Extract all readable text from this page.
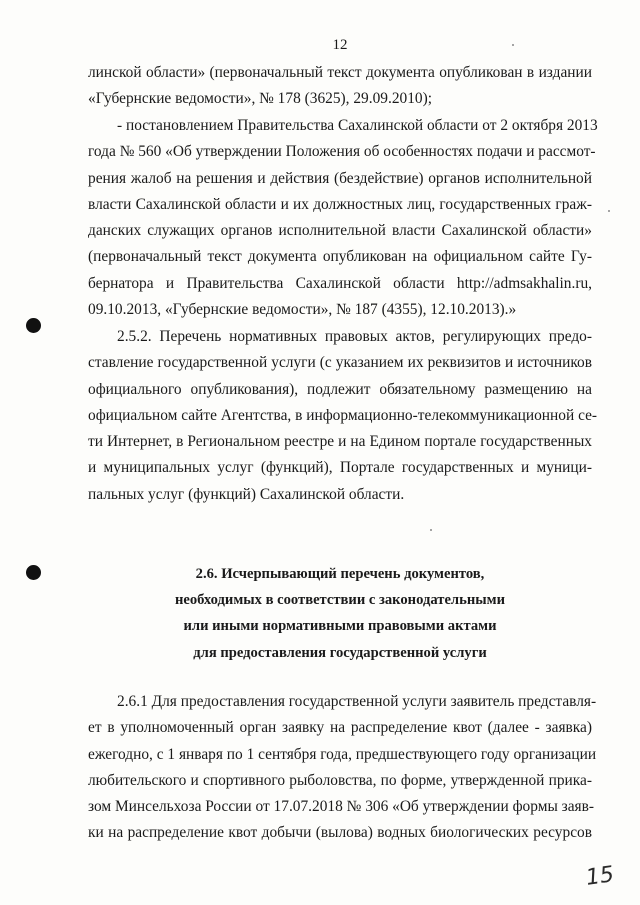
12
линской области» (первоначальный текст документа опубликован в издании
«Губернские ведомости», № 178 (3625), 29.09.2010);
- постановлением Правительства Сахалинской области от 2 октября 2013
года № 560 «Об утверждении Положения об особенностях подачи и рассмот-
рения жалоб на решения и действия (бездействие) органов исполнительной
власти Сахалинской области и их должностных лиц, государственных граж-
данских служащих органов исполнительной власти Сахалинской области»
(первоначальный текст документа опубликован на официальном сайте Гу-
бернатора и Правительства Сахалинской области http://admsakhalin.ru,
09.10.2013, «Губернские ведомости», № 187 (4355), 12.10.2013).»
2.5.2. Перечень нормативных правовых актов, регулирующих предо-
ставление государственной услуги (с указанием их реквизитов и источников
официального опубликования), подлежит обязательному размещению на
официальном сайте Агентства, в информационно-телекоммуникационной се-
ти Интернет, в Региональном реестре и на Едином портале государственных
и муниципальных услуг (функций), Портале государственных и муници-
пальных услуг (функций) Сахалинской области.
2.6. Исчерпывающий перечень документов,
необходимых в соответствии с законодательными
или иными нормативными правовыми актами
для предоставления государственной услуги
2.6.1 Для предоставления государственной услуги заявитель представля-
ет в уполномоченный орган заявку на распределение квот (далее - заявка)
ежегодно, с 1 января по 1 сентября года, предшествующего году организации
любительского и спортивного рыболовства, по форме, утвержденной прика-
зом Минсельхоза России от 17.07.2018 № 306 «Об утверждении формы заяв-
ки на распределение квот добычи (вылова) водных биологических ресурсов
15
